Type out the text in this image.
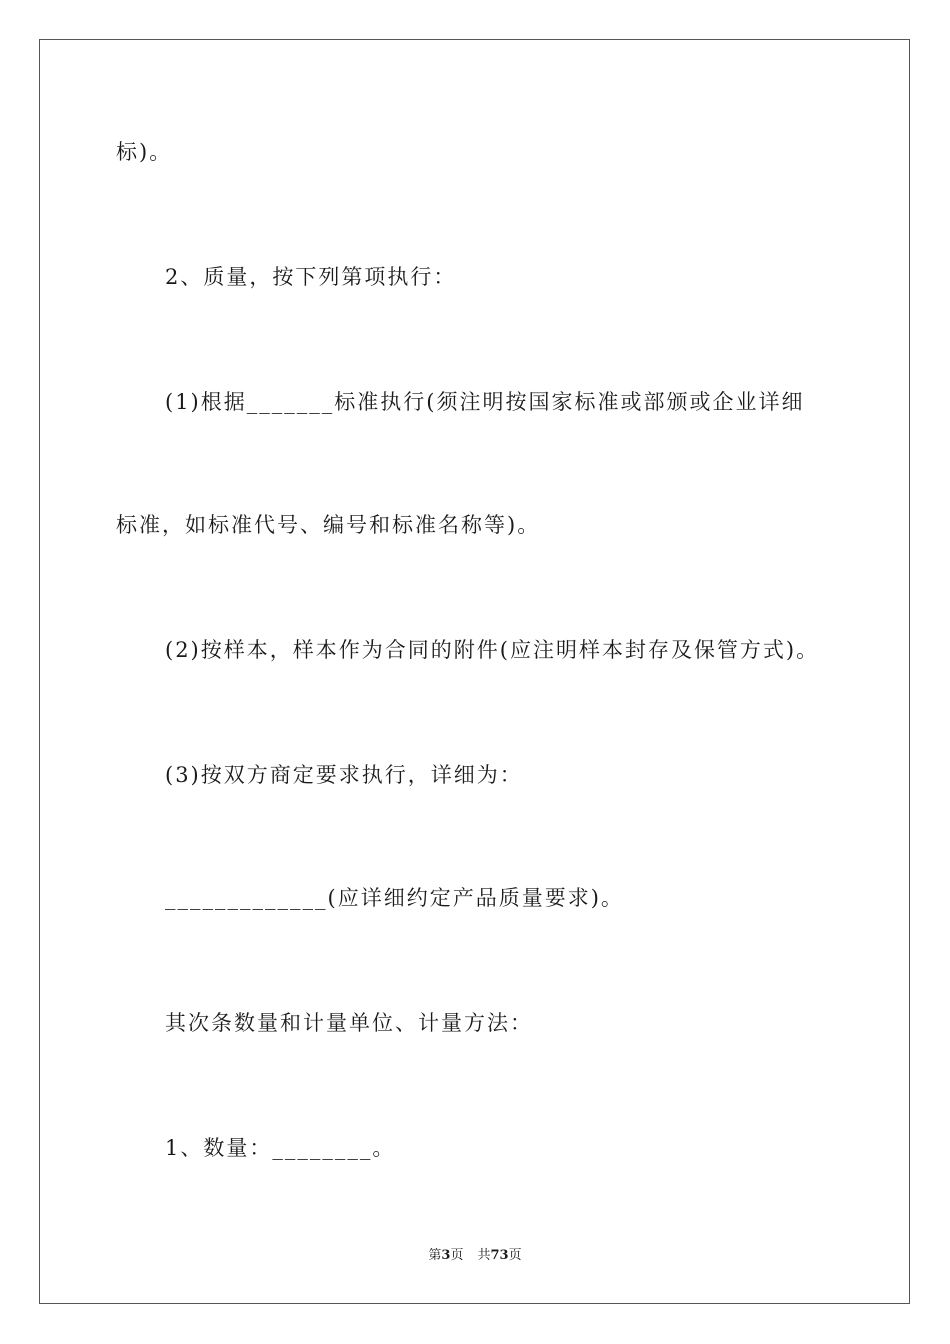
标)。
2、质量，按下列第项执行：
(1)根据_______标准执行(须注明按国家标准或部颁或企业详细
标准，如标准代号、编号和标准名称等)。
(2)按样本，样本作为合同的附件(应注明样本封存及保管方式)。
(3)按双方商定要求执行，详细为：
_____________(应详细约定产品质量要求)。
其次条数量和计量单位、计量方法：
1、数量：________。
第3页 共73页
